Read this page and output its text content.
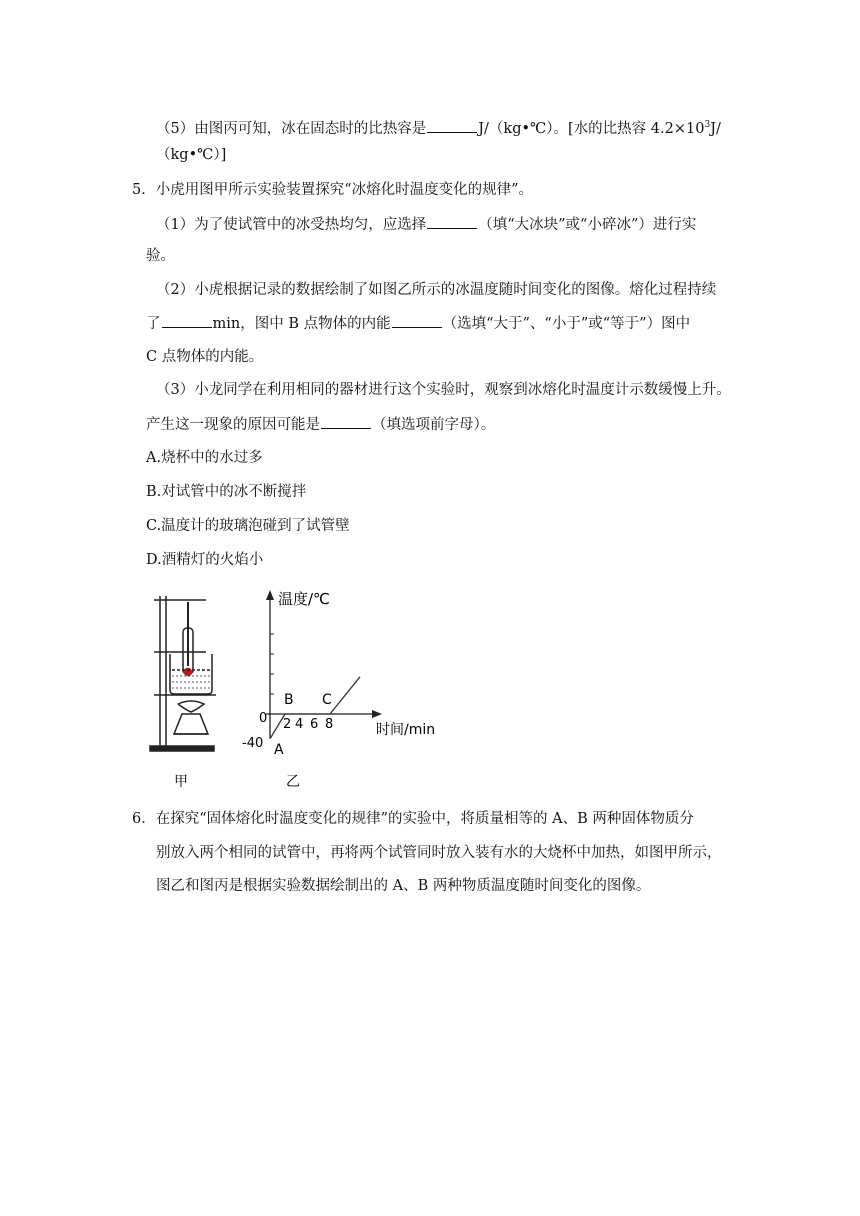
（5）由图丙可知，冰在固态时的比热容是	J/（kg•℃）。[水的比热容 $4.2\times 10^3J/$
（kg•℃）]
5．小虎用图甲所示实验装置探究“冰熔化时温度变化的规律”。
（1）为了使试管中的冰受热均匀，应选择	（填“大冰块”或“小碎冰”）进行实
验。
（2）小虎根据记录的数据绘制了如图乙所示的冰温度随时间变化的图像。熔化过程持续
了	min，图中 B 点物体的内能	（选填“大于”、“小于”或“等于”）图中
C 点物体的内能。
（3）小龙同学在利用相同的器材进行这个实验时，观察到冰熔化时温度计示数缓慢上升。
产生这一现象的原因可能是	（填选项前字母）。
A.烧杯中的水过多
B.对试管中的冰不断搅拌
C.温度计的玻璃泡碰到了试管壁
D.酒精灯的火焰小
温度/℃
时间/min
0
-40
2 4 6 8
B C
A
甲	乙
6．在探究“固体熔化时温度变化的规律”的实验中，将质量相等的 A、B 两种固体物质分
别放入两个相同的试管中，再将两个试管同时放入装有水的大烧杯中加热，如图甲所示，
图乙和图丙是根据实验数据绘制出的 A、B 两种物质温度随时间变化的图像。
